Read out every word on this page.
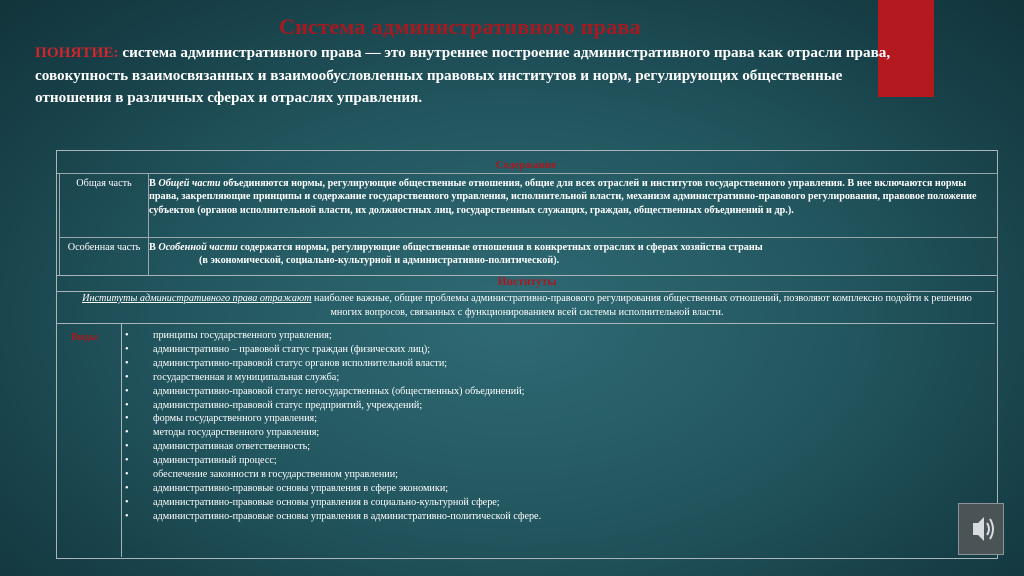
Система административного права
ПОНЯТИЕ: система административного права — это внутреннее построение административного права как отрасли права, совокупность взаимосвязанных и взаимообусловленных правовых институтов и норм, регулирующих общественные отношения в различных сферах и отраслях управления.
Содержание
Общая часть	В Общей части объединяются нормы, регулирующие общественные отношения, общие для всех отраслей и институтов государственного управления. В нее включаются нормы права, закрепляющие принципы и содержание государственного управления, исполнительной власти, механизм административно-правового регулирования, правовое положение субъектов (органов исполнительной власти, их должностных лиц, государственных служащих, граждан, общественных объединений и др.).
Особенная часть В Особенной части содержатся нормы, регулирующие общественные отношения в конкретных отраслях и сферах хозяйства страны
(в экономической, социально-культурной и административно-политической).
Институты
Институты административного права отражают наиболее важные, общие проблемы административно-правового регулирования общественных отношений, позволяют комплексно подойти к решению многих вопросов, связанных с функционированием всей системы исполнительной власти.
Виды	• принципы государственного управления;
• административно – правовой статус граждан (физических лиц);
• административно-правовой статус органов исполнительной власти;
• государственная и муниципальная служба;
• административно-правовой статус негосударственных (общественных) объединений;
• административно-правовой статус предприятий, учреждений;
• формы государственного управления;
• методы государственного управления;
• административная ответственность;
• административный процесс;
• обеспечение законности в государственном управлении;
• административно-правовые основы управления в сфере экономики;
• административно-правовые основы управления в социально-культурной сфере;
• административно-правовые основы управления в административно-политической сфере.
